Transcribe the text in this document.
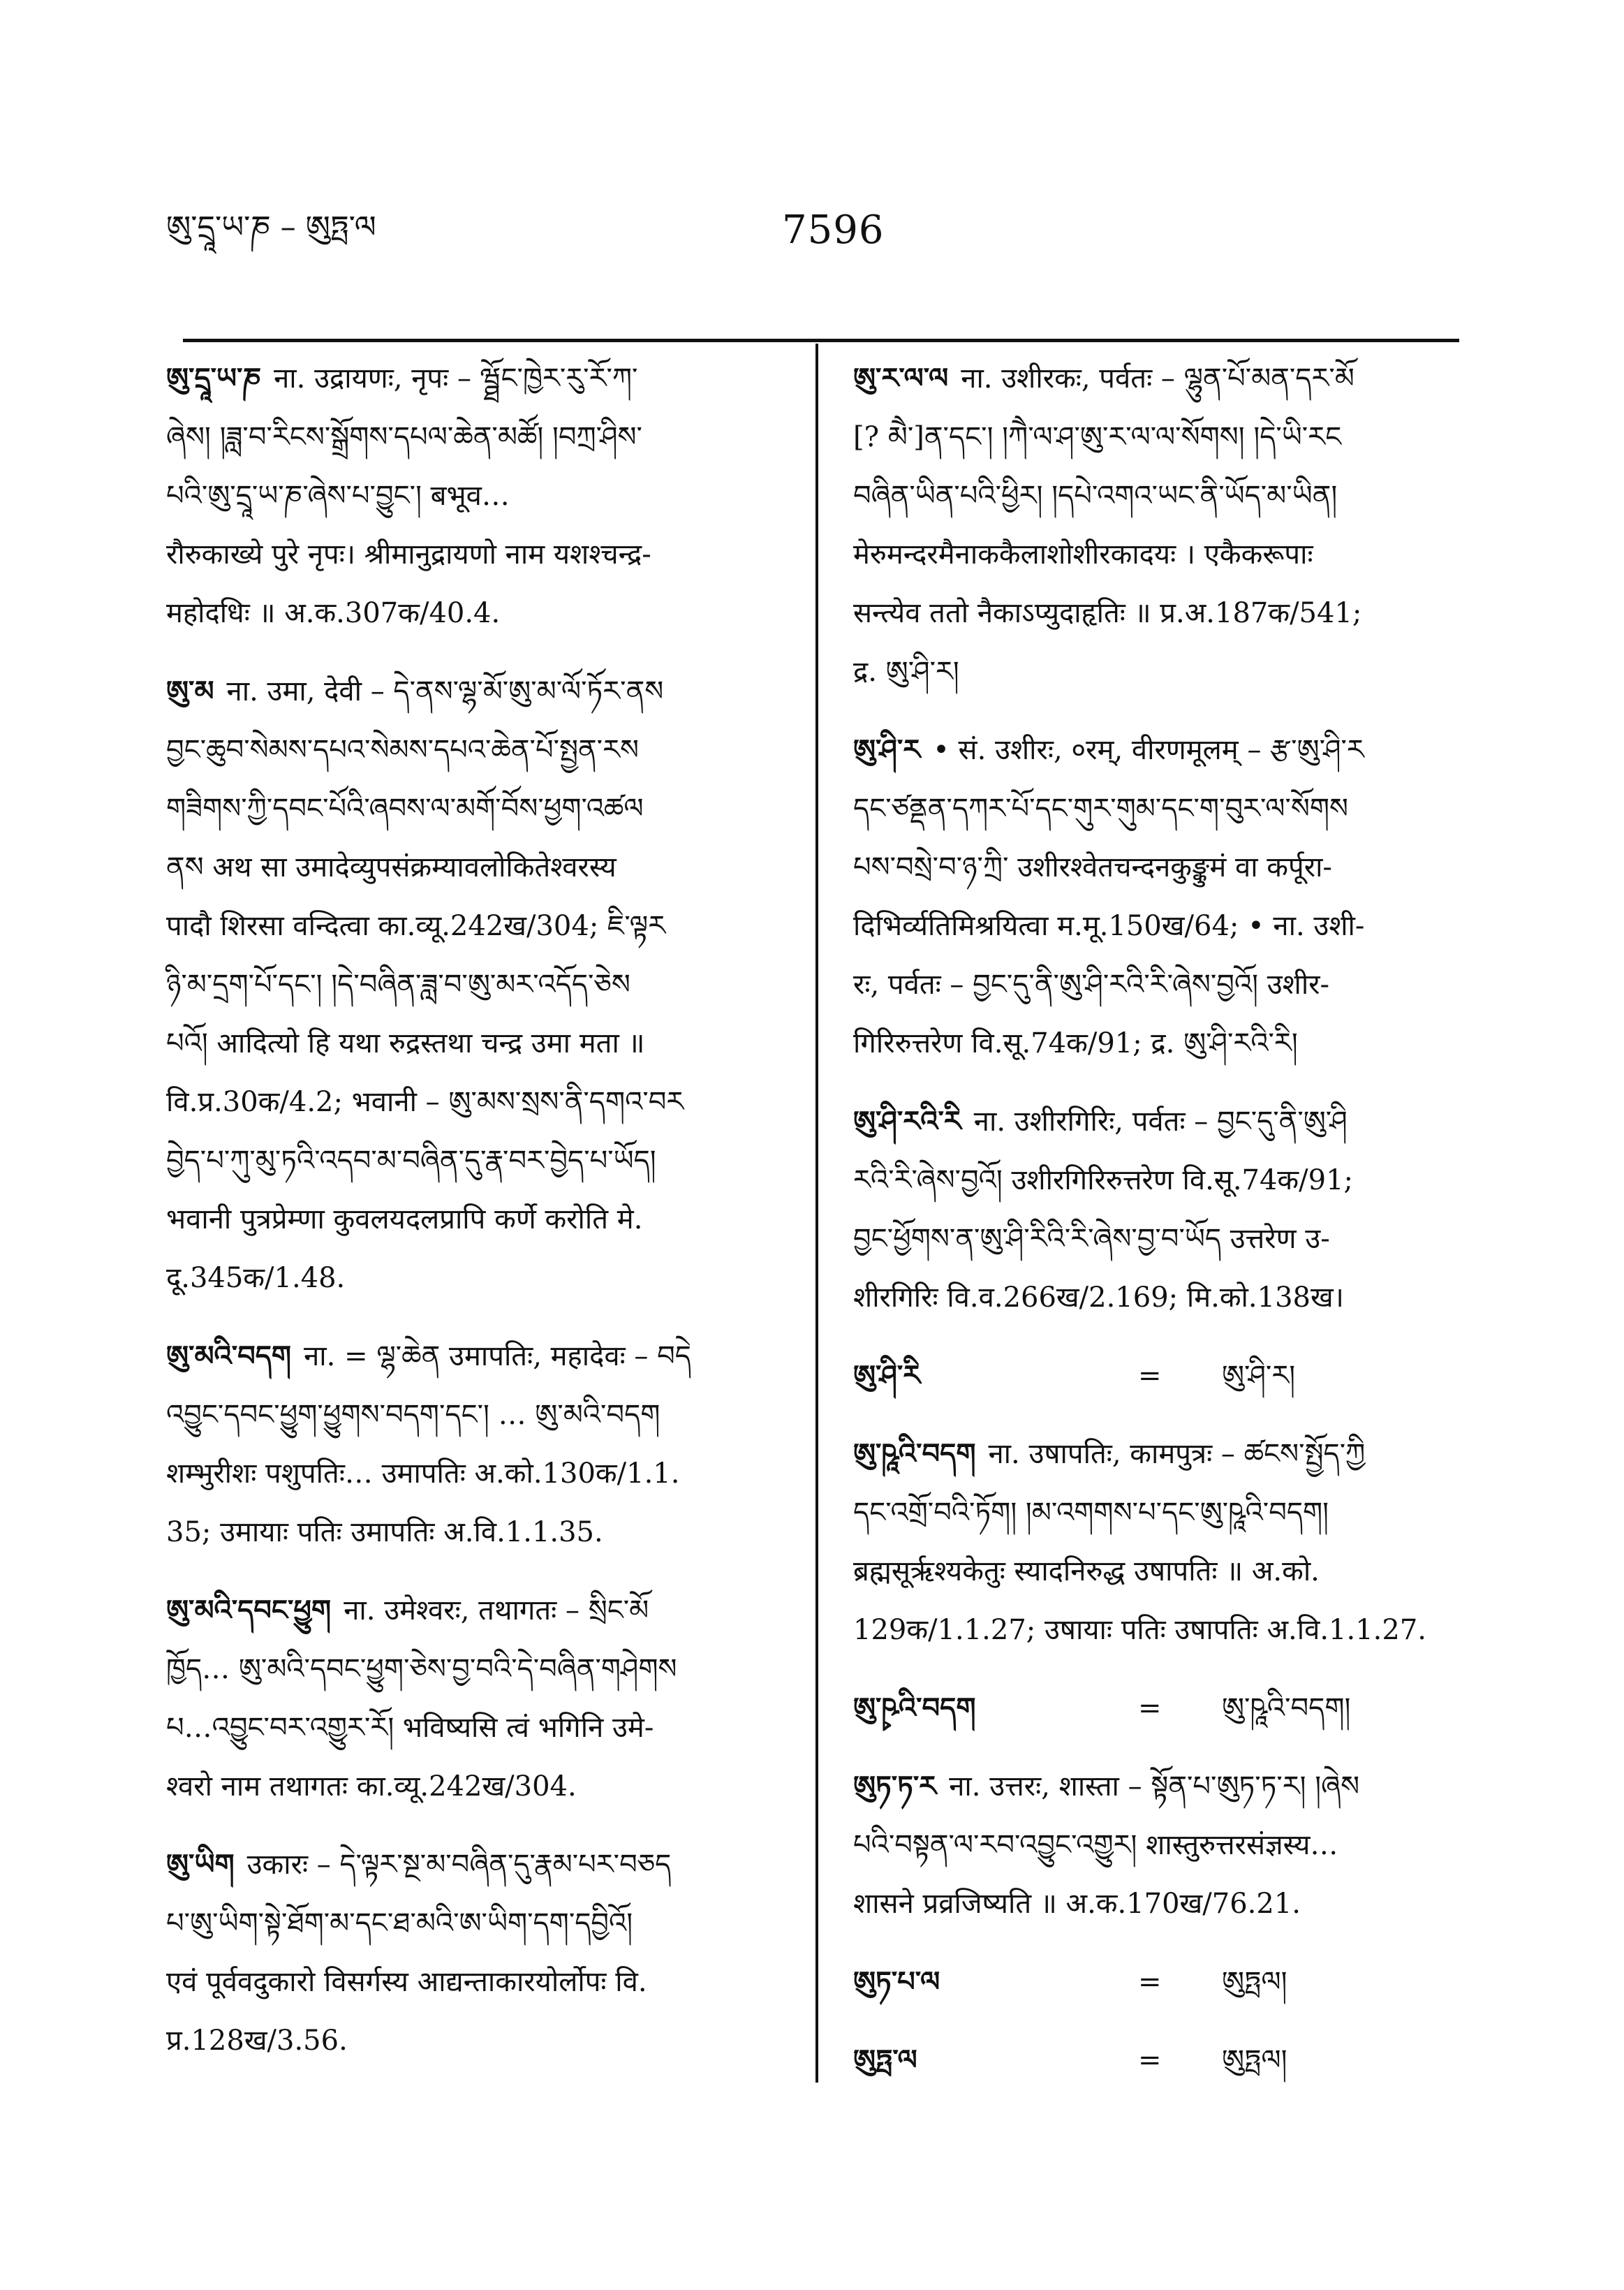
ཨུ་དྲཱ་ཡ་ཎ – ཨུཏྤ་ལ	7596

ཨུ་དྲཱ་ཡ་ཎ ना. उद्रायणः, नृपः – ཝྠོང་ཁྱེར་རུ་རོ་ཀ་

ཞེས། །ཟླ་བ་རིངས་སྒྲོགས་དཔལ་ཆེན་མཚོ། །བཀྲ་ཤིས་

པའི་ཨུ་དྲཱ་ཡ་ཎ་ཞེས་པ་བྱུང་། बभूव…

रौरुकाख्ये पुरे नृपः। श्रीमानुद्रायणो नाम यशश्चन्द्र-

महोदधिः ॥ अ.क.307क/40.4.

ཨུ་མ ना. उमा, देवी – དེ་ནས་ལྷ་མོ་ཨུ་མ་ལོ་ཏོར་ནས

བྱང་ཆུབ་སེམས་དཔའ་སེམས་དཔའ་ཆེན་པོ་སྤྱན་རས

གཟིགས་ཀྱི་དབང་པོའི་ཞབས་ལ་མགོ་བོས་ཕྱག་འཚལ

ནས अथ सा उमादेव्युपसंक्रम्यावलोकितेश्वरस्य

पादौ शिरसा वन्दित्वा का.व्यू.242ख/304; ཇི་ལྟར

ཉི་མ་དྲག་པོ་དང་། །དེ་བཞིན་ཟླ་བ་ཨུ་མར་འདོད་ཅེས

པའོ། आदित्यो हि यथा रुद्रस्तथा चन्द्र उमा मता ॥

वि.प्र.30क/4.2; भवानी – ཨུ་མས་སྲས་ནི་དགའ་བར

བྱེད་པ་ཀུ་མུ་ཏའི་འདབ་མ་བཞིན་དུ་རྣ་བར་བྱེད་པ་ཡོད།

भवानी पुत्रप्रेम्णा कुवलयदलप्रापि कर्णे करोति मे.

दू.345क/1.48.

ཨུ་མའི་བདག ना. = ལྷ་ཆེན उमापतिः, महादेवः – བདེ

འབྱུང་དབང་ཕྱུག་ཕྱུགས་བདག་དང་། … ཨུ་མའི་བདག

शम्भुरीशः पशुपतिः… उमापतिः अ.को.130क/1.1.

35; उमायाः पतिः उमापतिः अ.वि.1.1.35.

ཨུ་མའི་དབང་ཕྱུག ना. उमेश्वरः, तथागतः – སྲིང་མོ

ཁྱོད… ཨུ་མའི་དབང་ཕྱུག་ཅེས་བྱ་བའི་དེ་བཞིན་གཤེགས

པ…འབྱུང་བར་འགྱུར་རོ། भविष्यसि त्वं भगिनि उमे-

श्वरो नाम तथागतः का.व्यू.242ख/304.

ཨུ་ཡིག उकारः – དེ་ལྟར་སྔ་མ་བཞིན་དུ་རྣམ་པར་བཅད

པ་ཨུ་ཡིག་སྟེ་ཐོག་མ་དང་ཐ་མའི་ཨ་ཡིག་དག་དབྱིའོ།

एवं पूर्ववदुकारो विसर्गस्य आद्यन्ताकारयोर्लोपः वि.

प्र.128ख/3.56.

ཨུ་ར་ལ་ལ ना. उशीरकः, पर्वतः – ལྷུན་པོ་མན་དར་མོ

[? མཻ་]ན་དང་། །ཀཻ་ལ་ཤ་ཨུ་ར་ལ་ལ་སོགས། །དེ་ཡི་རང

བཞིན་ཡིན་པའི་ཕྱིར། །དཔེ་འགའ་ཡང་ནི་ཡོད་མ་ཡིན།

मेरुमन्दरमैनाककैलाशोशीरकादयः । एकैकरूपाः

सन्त्येव ततो नैकाऽप्युदाहृतिः ॥ प्र.अ.187क/541;

द्र. ཨུ་ཤི་ར།

ཨུ་ཤི་ར • सं. उशीरः, ०रम्, वीरणमूलम् – རྩ་ཨུ་ཤི་ར

དང་ཙནྡན་དཀར་པོ་དང་གུར་གུམ་དང་ག་བུར་ལ་སོགས

པས་བསྲེ་བ་ཉ་ཀྲི་ उशीरश्वेतचन्दनकुङ्कुमं वा कर्पूरा-

दिभिर्व्यतिमिश्रयित्वा म.मू.150ख/64; • ना. उशी-

रः, पर्वतः – བྱང་དུ་ནི་ཨུ་ཤི་རའི་རི་ཞེས་བྱའོ། उशीर-

गिरिरुत्तरेण वि.सू.74क/91; द्र. ཨུ་ཤི་རའི་རི།

ཨུ་ཤི་རའི་རི ना. उशीरगिरिः, पर्वतः – བྱང་དུ་ནི་ཨུ་ཤི

རའི་རི་ཞེས་བྱའོ། उशीरगिरिरुत्तरेण वि.सू.74क/91;

བྱང་ཕྱོགས་ན་ཨུ་ཤི་རིའི་རི་ཞེས་བྱ་བ་ཡོད उत्तरेण उ-

शीरगिरिः वि.व.266ख/2.169; मि.को.138ख।

ཨུ་ཤི་རི	=	ཨུ་ཤི་ར།

ཨུ་ཥཱའི་བདག ना. उषापतिः, कामपुत्रः – ཚངས་སྤྱོད་ཀྱི

དང་འགྲོ་བའི་ཏོག། །མ་འགགས་པ་དང་ཨུ་ཥཱའི་བདག།

ब्रह्मसूर्ऋश्यकेतुः स्यादनिरुद्ध उषापतिः ॥ अ.को.

129क/1.1.27; उषायाः पतिः उषापतिः अ.वि.1.1.27.

ཨུ་ཥྭའི་བདག	=	ཨུ་ཥཱའི་བདག།

ཨུཏ་ཏ་ར ना. उत्तरः, शास्ता – སྟོན་པ་ཨུཏ་ཏ་ར། །ཞེས

པའི་བསྟན་ལ་རབ་འབྱུང་འགྱུར། शास्तुरुत्तरसंज्ञस्य…

शासने प्रव्रजिष्यति ॥ अ.क.170ख/76.21.

ཨུཏ་པ་ལ	=	ཨུཏྤལ།
ཨུཏྤ་ལ	=	ཨུཏྤལ།
